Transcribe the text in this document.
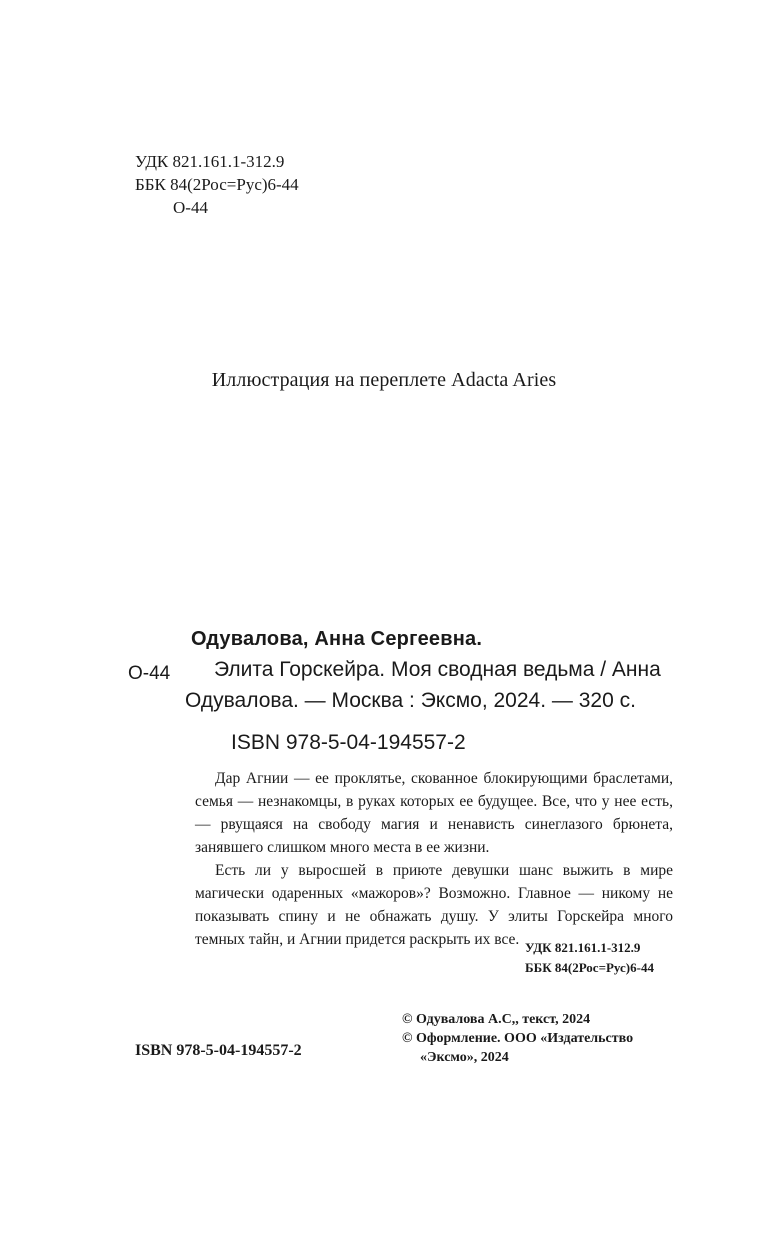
УДК 821.161.1-312.9
ББК 84(2Рос=Рус)6-44
О-44
Иллюстрация на переплете Adacta Aries
Одувалова, Анна Сергеевна.
О-44 Элита Горскейра. Моя сводная ведьма / Анна
Одувалова. — Москва : Эксмо, 2024. — 320 с.
ISBN 978-5-04-194557-2

Дар Агнии — ее проклятье, скованное блокирующими браслетами, семья — незнакомцы, в руках которых ее будущее. Все, что у нее есть, — рвущаяся на свободу магия и ненависть синеглазого брюнета, занявшего слишком много места в ее жизни.

Есть ли у выросшей в приюте девушки шанс выжить в мире магически одаренных «мажоров»? Возможно. Главное — никому не показывать спину и не обнажать душу. У элиты Горскейра много темных тайн, и Агнии придется раскрыть их все. УДК 821.161.1-312.9
ББК 84(2Рос=Рус)6-44
© Одувалова А.С,, текст, 2024
© Оформление. ООО «Издательство
«Эксмо», 2024
ISBN 978-5-04-194557-2
